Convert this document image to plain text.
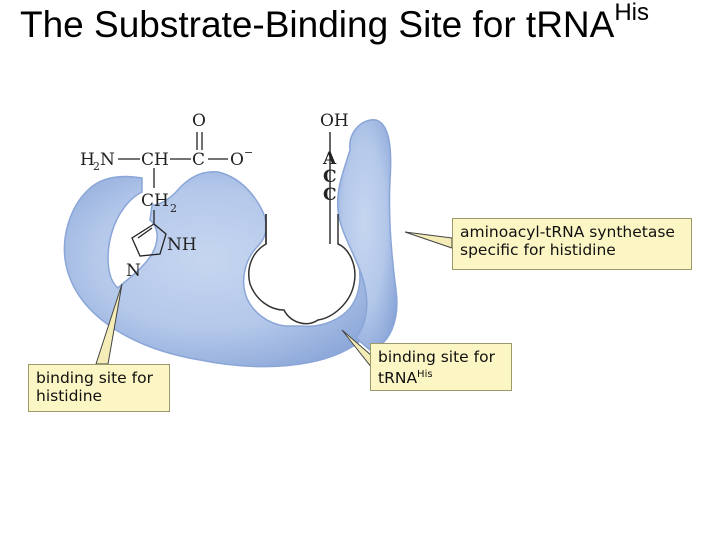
The Substrate-Binding Site for tRNA$^{His}$
O
H
2 N CH C O −
CH 2
NH
N
OH
A
C
C
aminoacyl-tRNA synthetase
specific for histidine
binding site for
histidine
binding site for
tRNA$^{His}$
